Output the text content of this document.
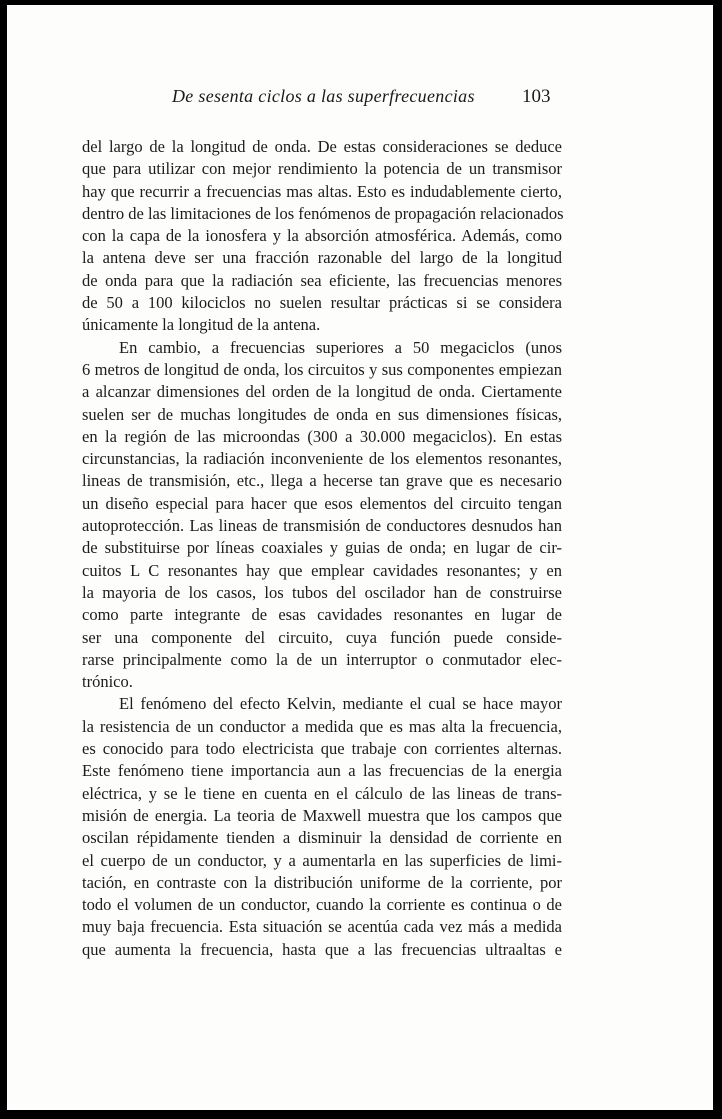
De sesenta ciclos a las superfrecuencias 103
del largo de la longitud de onda. De estas consideraciones se deduce
que para utilizar con mejor rendimiento la potencia de un transmisor
hay que recurrir a frecuencias mas altas. Esto es indudablemente cierto,
dentro de las limitaciones de los fenómenos de propagación relacionados
con la capa de la ionosfera y la absorción atmosférica. Además, como
la antena deve ser una fracción razonable del largo de la longitud
de onda para que la radiación sea eficiente, las frecuencias menores
de 50 a 100 kilociclos no suelen resultar prácticas si se considera
únicamente la longitud de la antena.
En cambio, a frecuencias superiores a 50 megaciclos (unos
6 metros de longitud de onda, los circuitos y sus componentes empiezan
a alcanzar dimensiones del orden de la longitud de onda. Ciertamente
suelen ser de muchas longitudes de onda en sus dimensiones físicas,
en la región de las microondas (300 a 30.000 megaciclos). En estas
circunstancias, la radiación inconveniente de los elementos resonantes,
lineas de transmisión, etc., llega a hecerse tan grave que es necesario
un diseño especial para hacer que esos elementos del circuito tengan
autoprotección. Las lineas de transmisión de conductores desnudos han
de substituirse por líneas coaxiales y guias de onda; en lugar de cir-
cuitos L C resonantes hay que emplear cavidades resonantes; y en
la mayoria de los casos, los tubos del oscilador han de construirse
como parte integrante de esas cavidades resonantes en lugar de
ser una componente del circuito, cuya función puede conside-
rarse principalmente como la de un interruptor o conmutador elec-
trónico.
El fenómeno del efecto Kelvin, mediante el cual se hace mayor
la resistencia de un conductor a medida que es mas alta la frecuencia,
es conocido para todo electricista que trabaje con corrientes alternas.
Este fenómeno tiene importancia aun a las frecuencias de la energia
eléctrica, y se le tiene en cuenta en el cálculo de las lineas de trans-
misión de energia. La teoria de Maxwell muestra que los campos que
oscilan répidamente tienden a disminuir la densidad de corriente en
el cuerpo de un conductor, y a aumentarla en las superficies de limi-
tación, en contraste con la distribución uniforme de la corriente, por
todo el volumen de un conductor, cuando la corriente es continua o de
muy baja frecuencia. Esta situación se acentúa cada vez más a medida
que aumenta la frecuencia, hasta que a las frecuencias ultraaltas e
